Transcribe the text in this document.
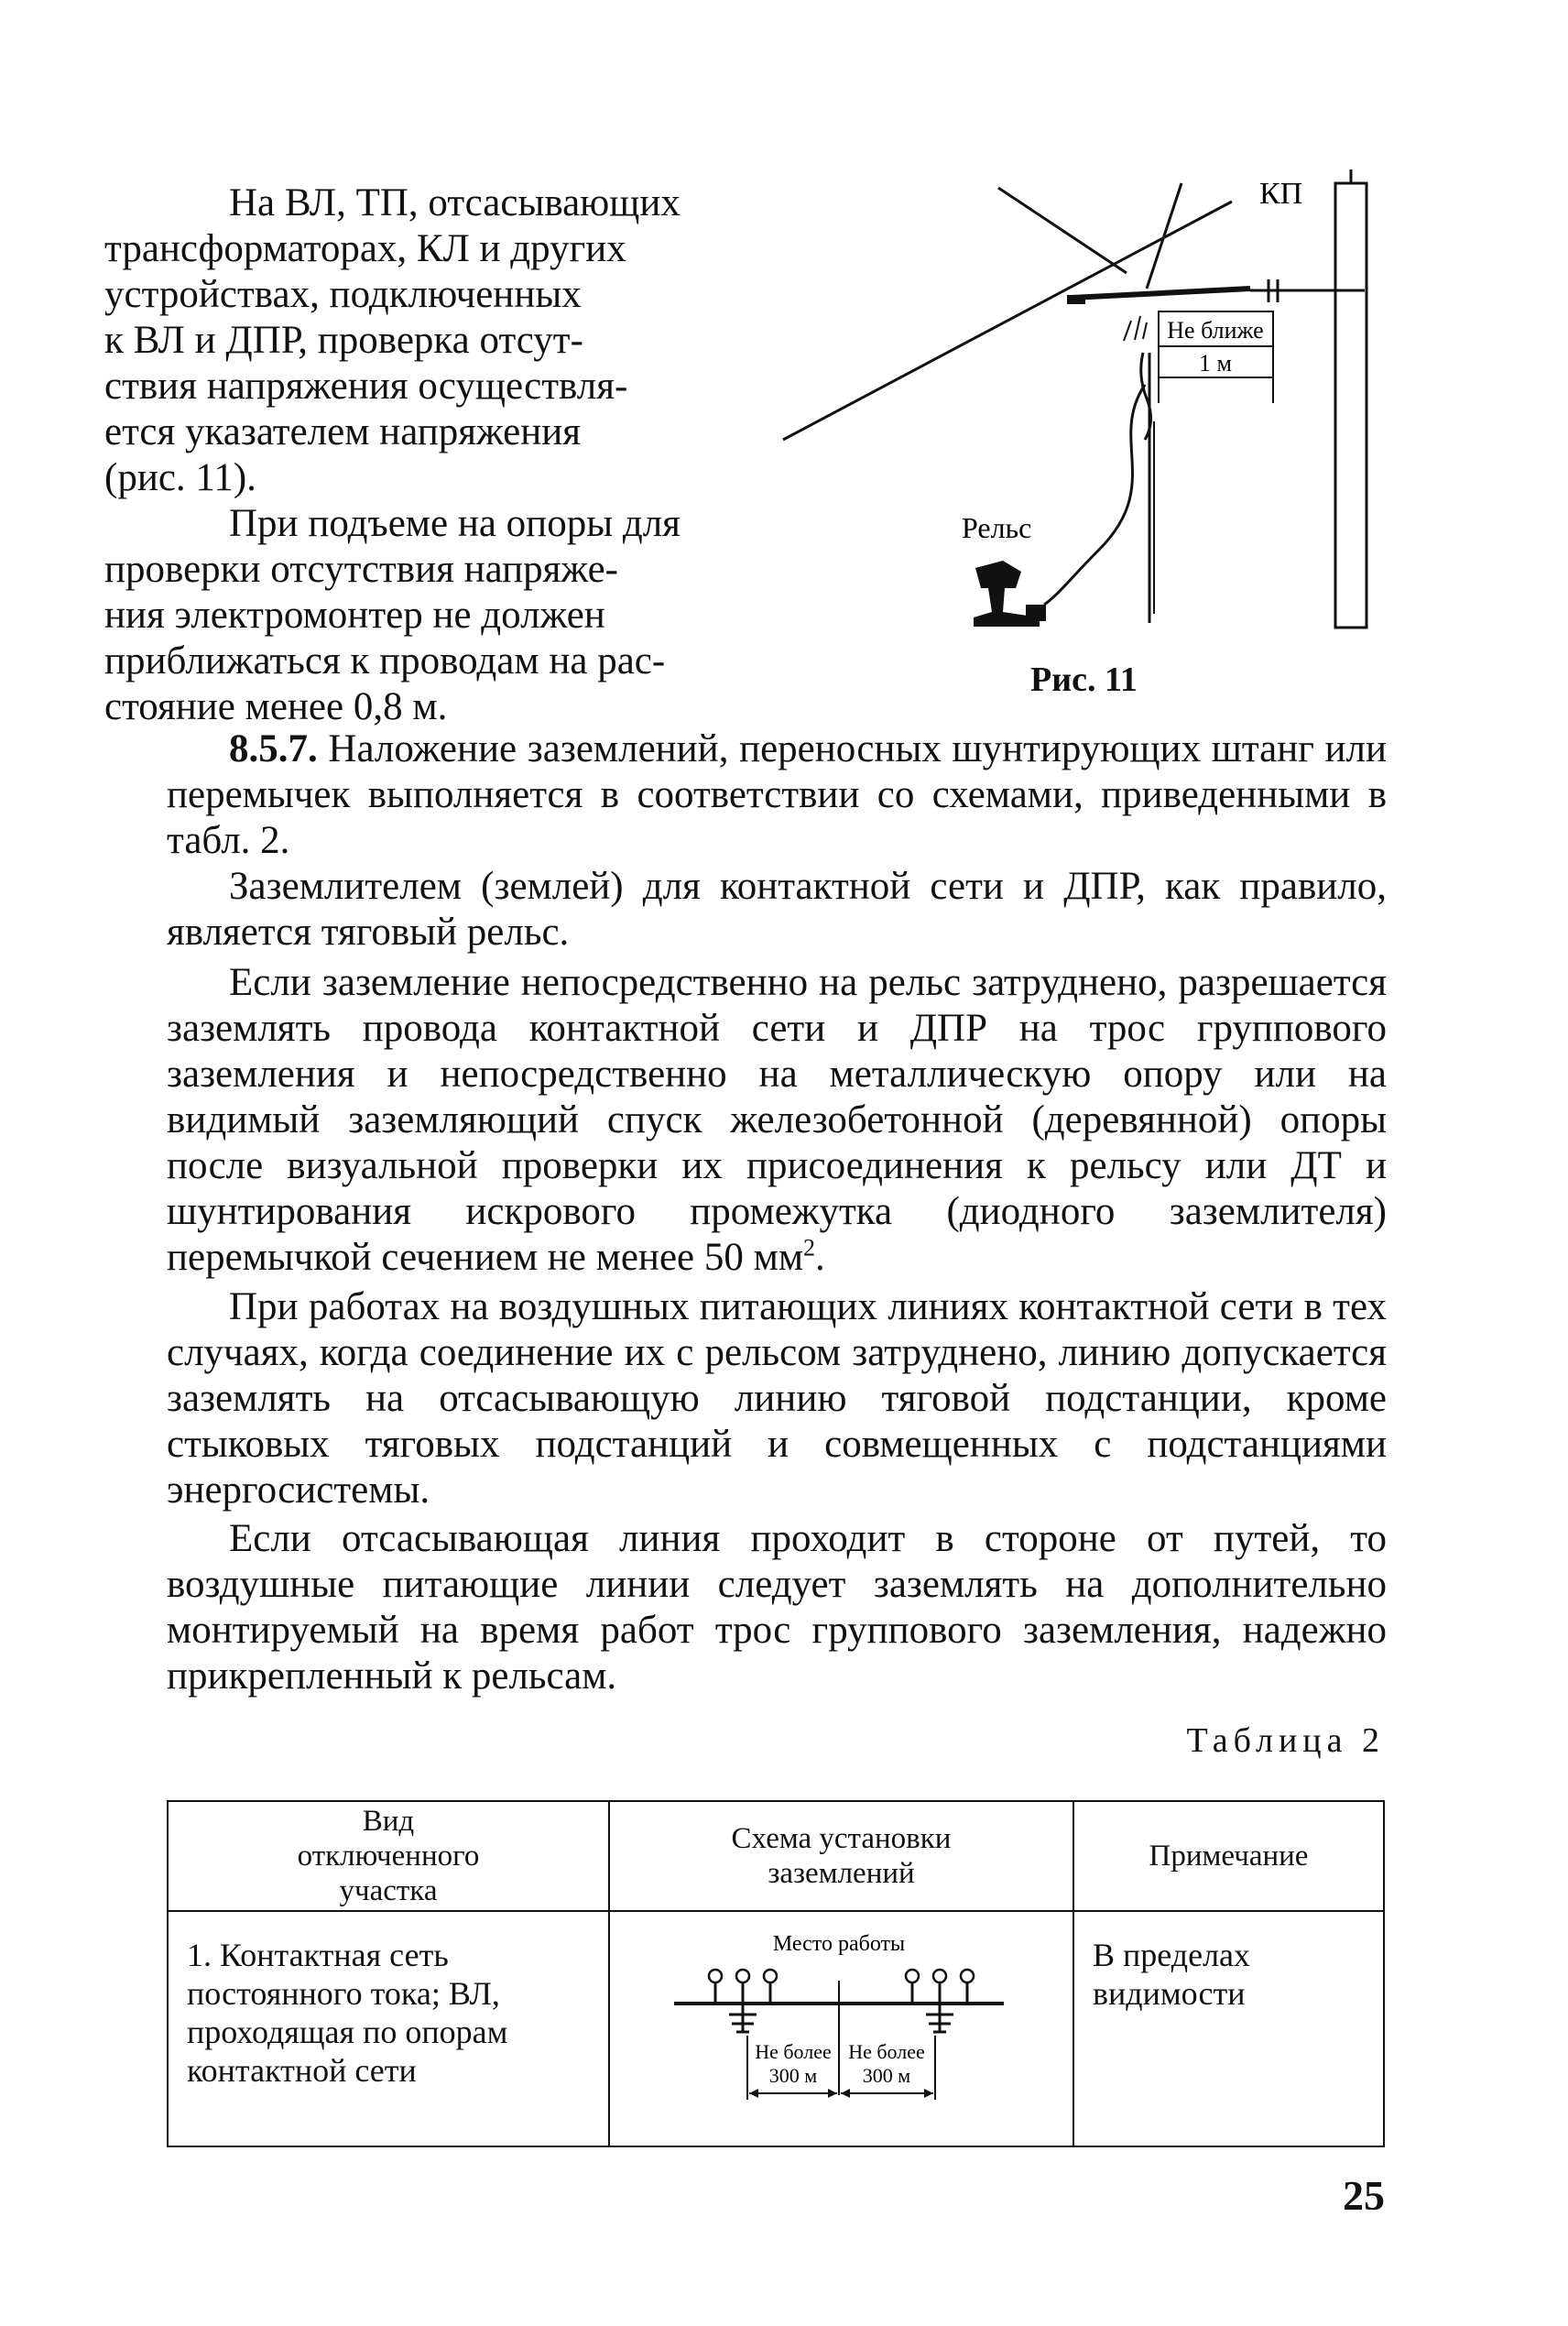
На ВЛ, ТП, отсасывающих
трансформаторах, КЛ и других
устройствах, подключенных
к ВЛ и ДПР, проверка отсут-
ствия напряжения осуществля-
ется указателем напряжения
(рис. 11).
При подъеме на опоры для
проверки отсутствия напряже-
ния электромонтер не должен
приближаться к проводам на рас-
стояние менее 0,8 м.
Не ближе
1 м
КП
Рельс
Рис. 11

8.5.7. Наложение заземлений, переносных шунтирующих штанг или перемычек выполняется в соответствии со схемами, приведенными в табл. 2.

Заземлителем (землей) для контактной сети и ДПР, как правило, является тяговый рельс.

Если заземление непосредственно на рельс затруднено, разрешается заземлять провода контактной сети и ДПР на трос группового заземления и непосредственно на металлическую опору или на видимый заземляющий спуск железобетонной (деревянной) опоры после визуальной проверки их присоединения к рельсу или ДТ и шунтирования искрового промежутка (диодного заземлителя) перемычкой сечением не менее 50 $мм^2$.

При работах на воздушных питающих линиях контактной сети в тех случаях, когда соединение их с рельсом затруднено, линию допускается заземлять на отсасывающую линию тяговой подстанции, кроме стыковых тяговых подстанций и совмещенных с подстанциями энергосистемы.

Если отсасывающая линия проходит в стороне от путей, то воздушные питающие линии следует заземлять на дополнительно монтируемый на время работ трос группового заземления, надежно прикрепленный к рельсам.

Таблица 2
Вид отключенного участка	Схема установки заземлений	Примечание

1. Контактная сеть постоянного тока; ВЛ, проходящая по опорам контактной сети	Место работы
Не более
300 м
Не более
300 м	В пределах видимости
25
